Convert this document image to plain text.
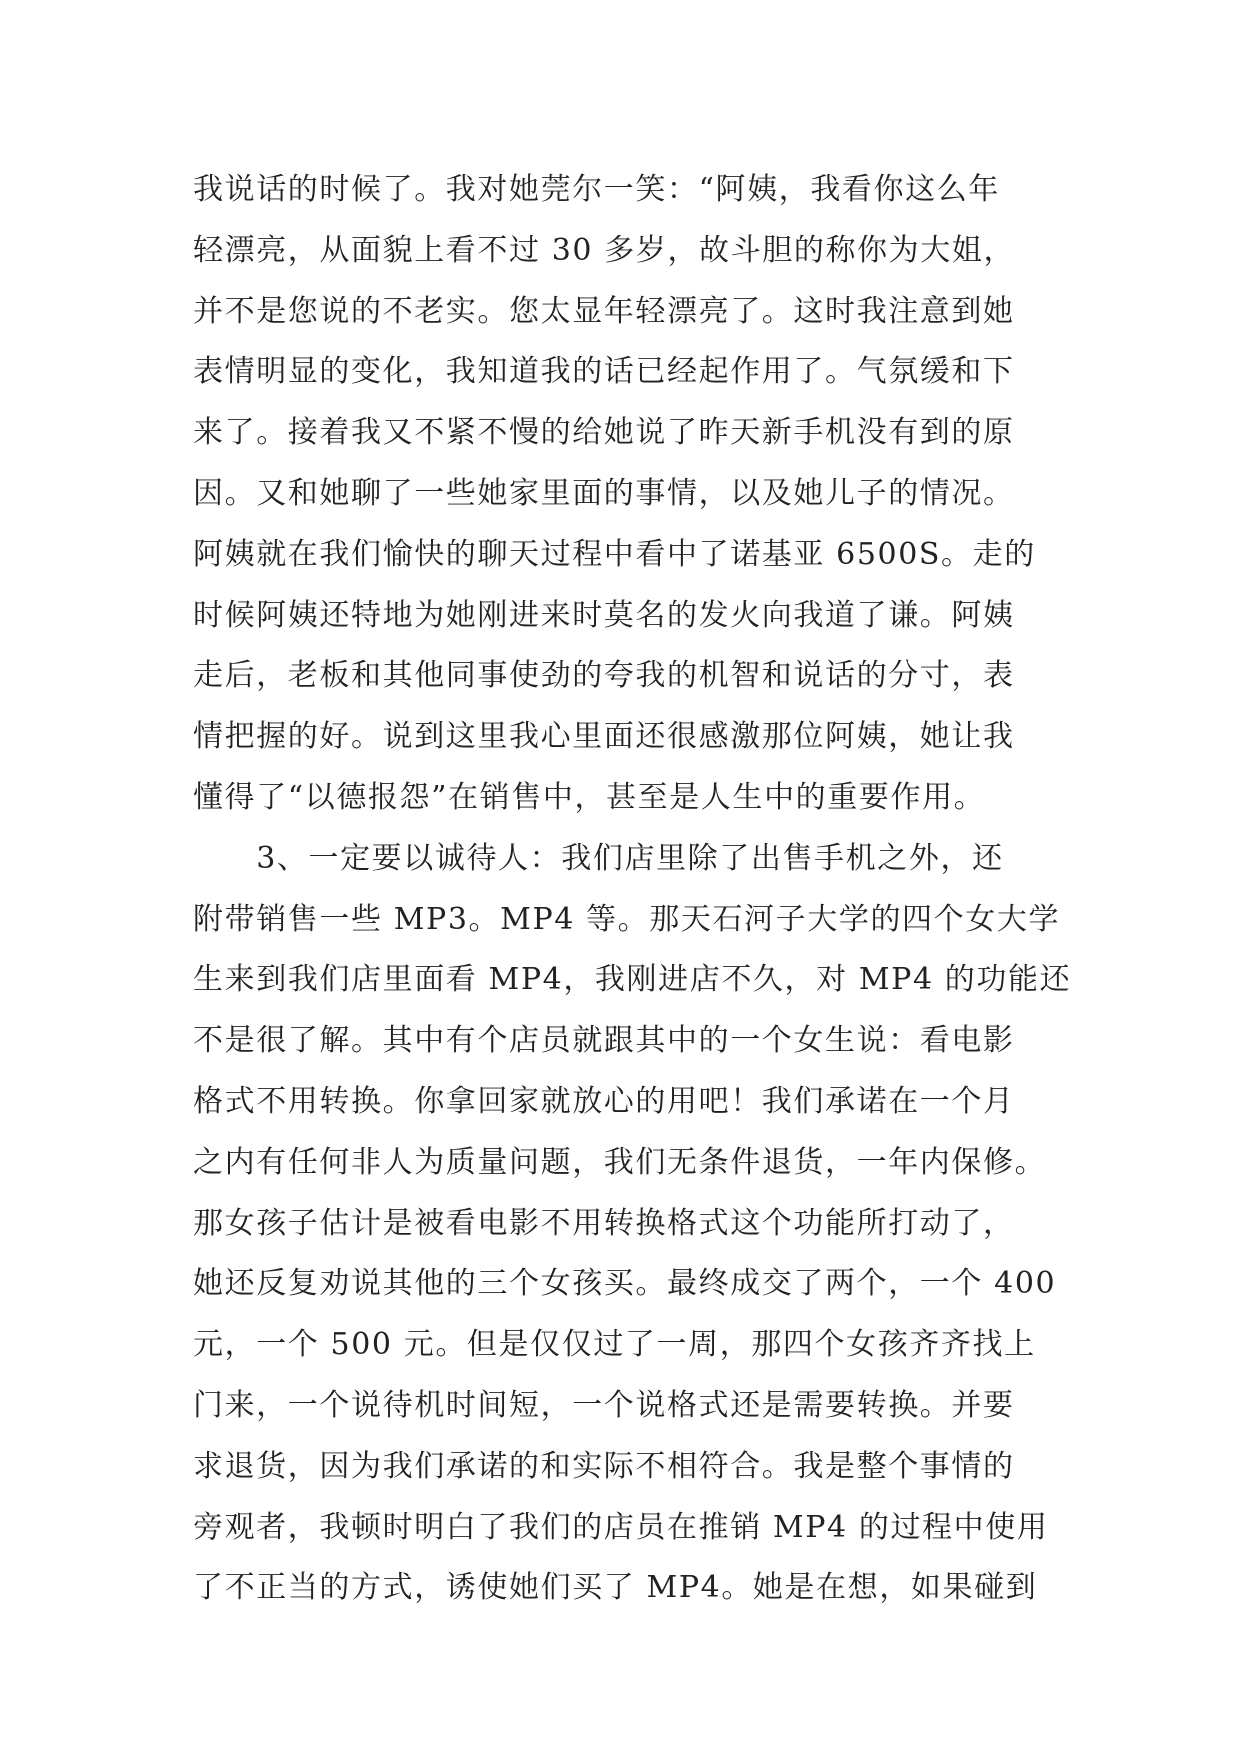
我说话的时候了。我对她莞尔一笑：“阿姨，我看你这么年
轻漂亮，从面貌上看不过 30 多岁，故斗胆的称你为大姐，
并不是您说的不老实。您太显年轻漂亮了。这时我注意到她
表情明显的变化，我知道我的话已经起作用了。气氛缓和下
来了。接着我又不紧不慢的给她说了昨天新手机没有到的原
因。又和她聊了一些她家里面的事情，以及她儿子的情况。
阿姨就在我们愉快的聊天过程中看中了诺基亚 6500S。走的
时候阿姨还特地为她刚进来时莫名的发火向我道了谦。阿姨
走后，老板和其他同事使劲的夸我的机智和说话的分寸，表
情把握的好。说到这里我心里面还很感激那位阿姨，她让我
懂得了“以德报怨”在销售中，甚至是人生中的重要作用。
　　3、一定要以诚待人：我们店里除了出售手机之外，还
附带销售一些 MP3。MP4 等。那天石河子大学的四个女大学
生来到我们店里面看 MP4，我刚进店不久，对 MP4 的功能还
不是很了解。其中有个店员就跟其中的一个女生说：看电影
格式不用转换。你拿回家就放心的用吧！我们承诺在一个月
之内有任何非人为质量问题，我们无条件退货，一年内保修。
那女孩子估计是被看电影不用转换格式这个功能所打动了，
她还反复劝说其他的三个女孩买。最终成交了两个，一个 400
元，一个 500 元。但是仅仅过了一周，那四个女孩齐齐找上
门来，一个说待机时间短，一个说格式还是需要转换。并要
求退货，因为我们承诺的和实际不相符合。我是整个事情的
旁观者，我顿时明白了我们的店员在推销 MP4 的过程中使用
了不正当的方式，诱使她们买了 MP4。她是在想，如果碰到
